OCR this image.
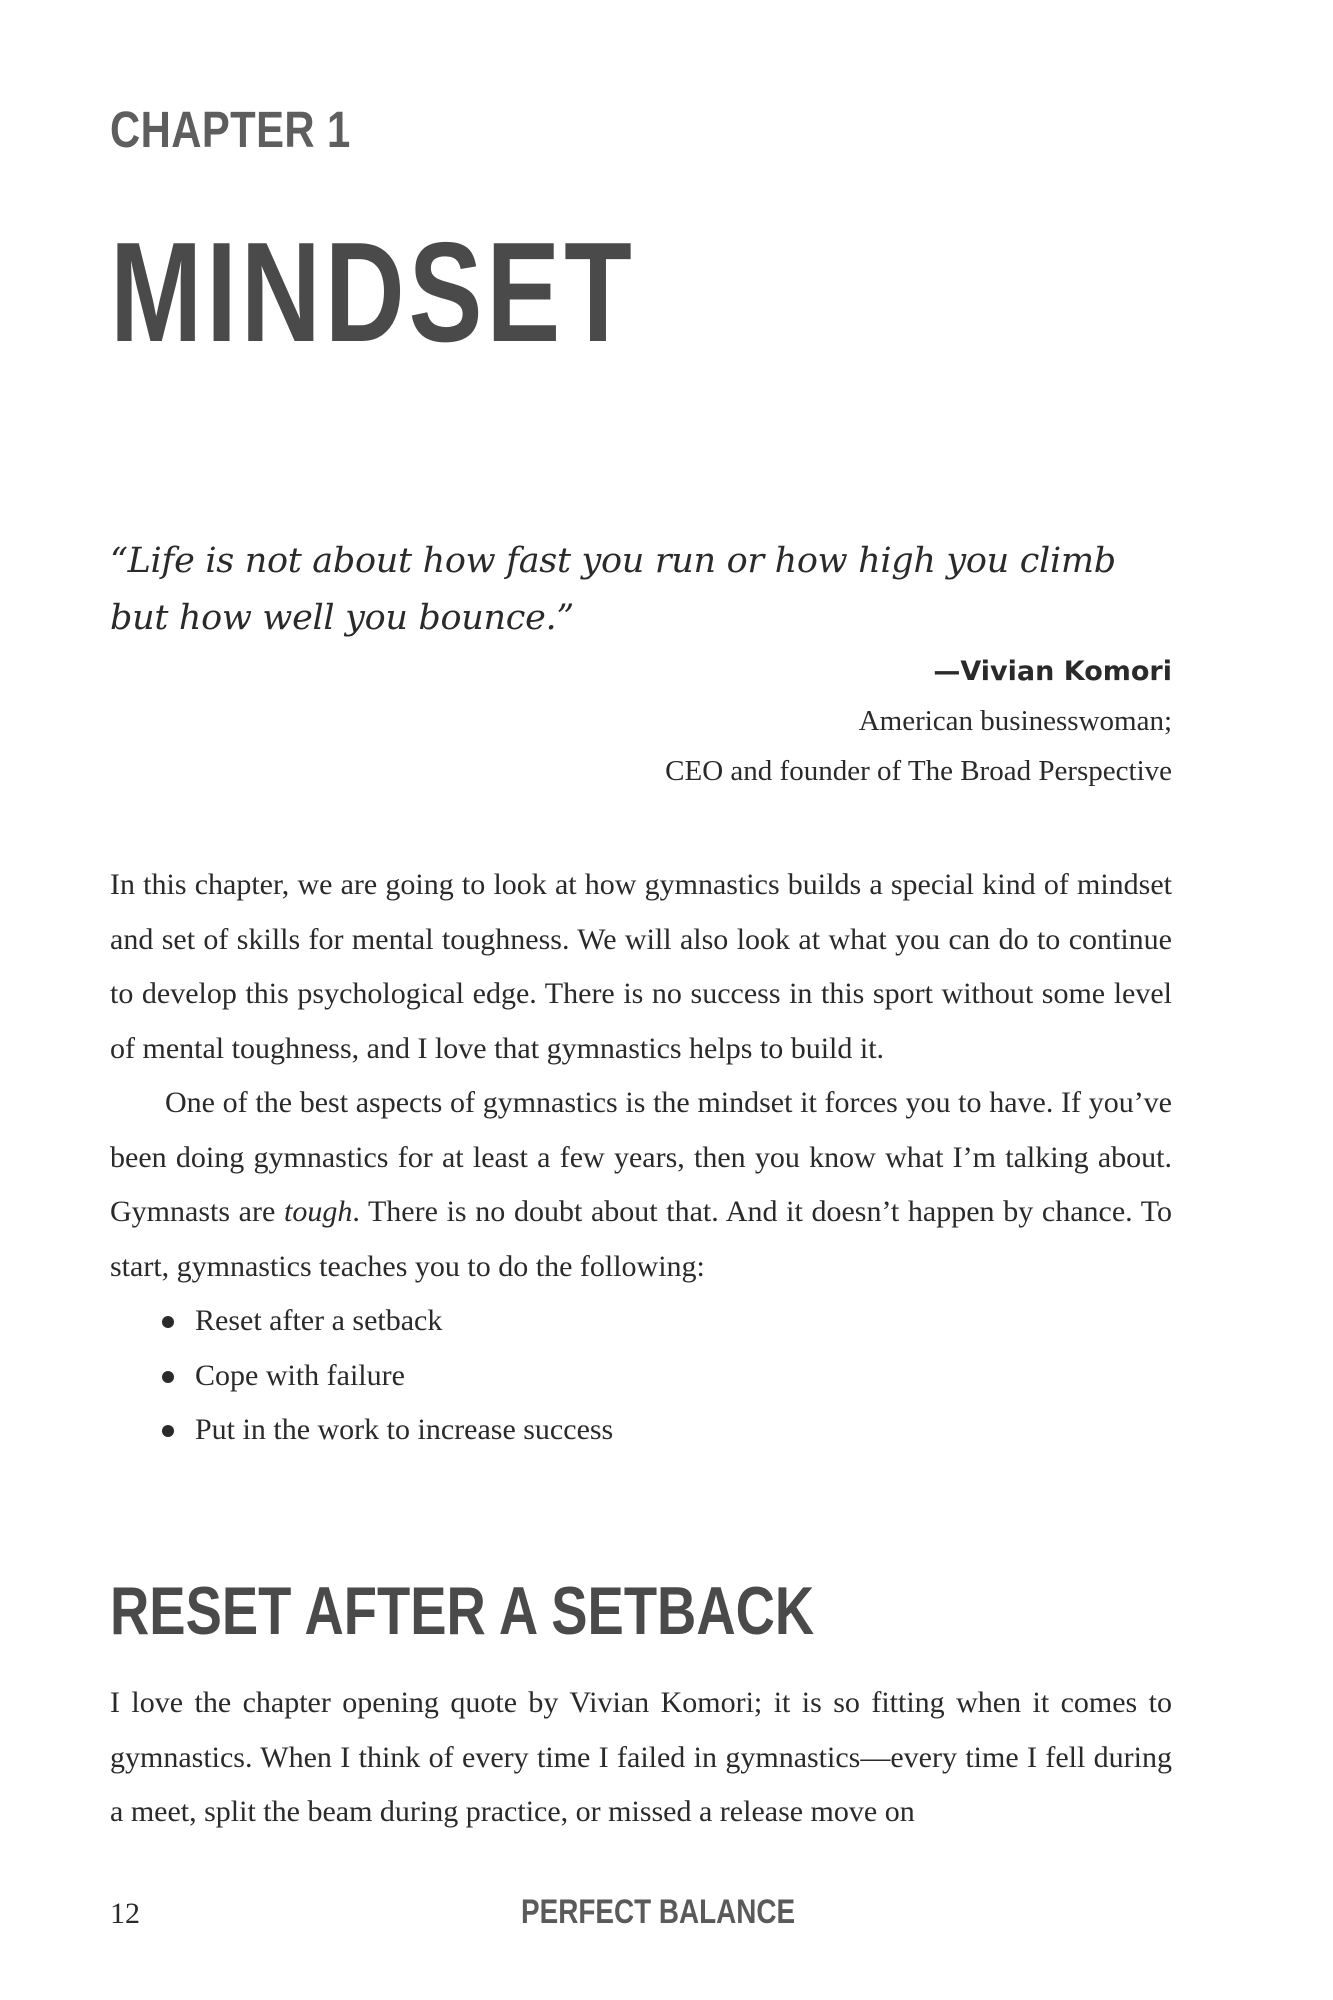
CHAPTER 1
MINDSET

“Life is not about how fast you run or how high you climb but how well you bounce.”

—Vivian Komori
American businesswoman;
CEO and founder of The Broad Perspective

In this chapter, we are going to look at how gymnastics builds a special kind of mindset and set of skills for mental toughness. We will also look at what you can do to continue to develop this psychological edge. There is no success in this sport without some level of mental toughness, and I love that gymnastics helps to build it.

One of the best aspects of gymnastics is the mindset it forces you to have. If you’ve been doing gymnastics for at least a few years, then you know what I’m talking about. Gymnasts are tough. There is no doubt about that. And it doesn’t happen by chance. To start, gymnastics teaches you to do the following:

Reset after a setback
Cope with failure
Put in the work to increase success
RESET AFTER A SETBACK

I love the chapter opening quote by Vivian Komori; it is so fitting when it comes to gymnastics. When I think of every time I failed in gymnastics—every time I fell during a meet, split the beam during practice, or missed a release move on

12	PERFECT BALANCE
